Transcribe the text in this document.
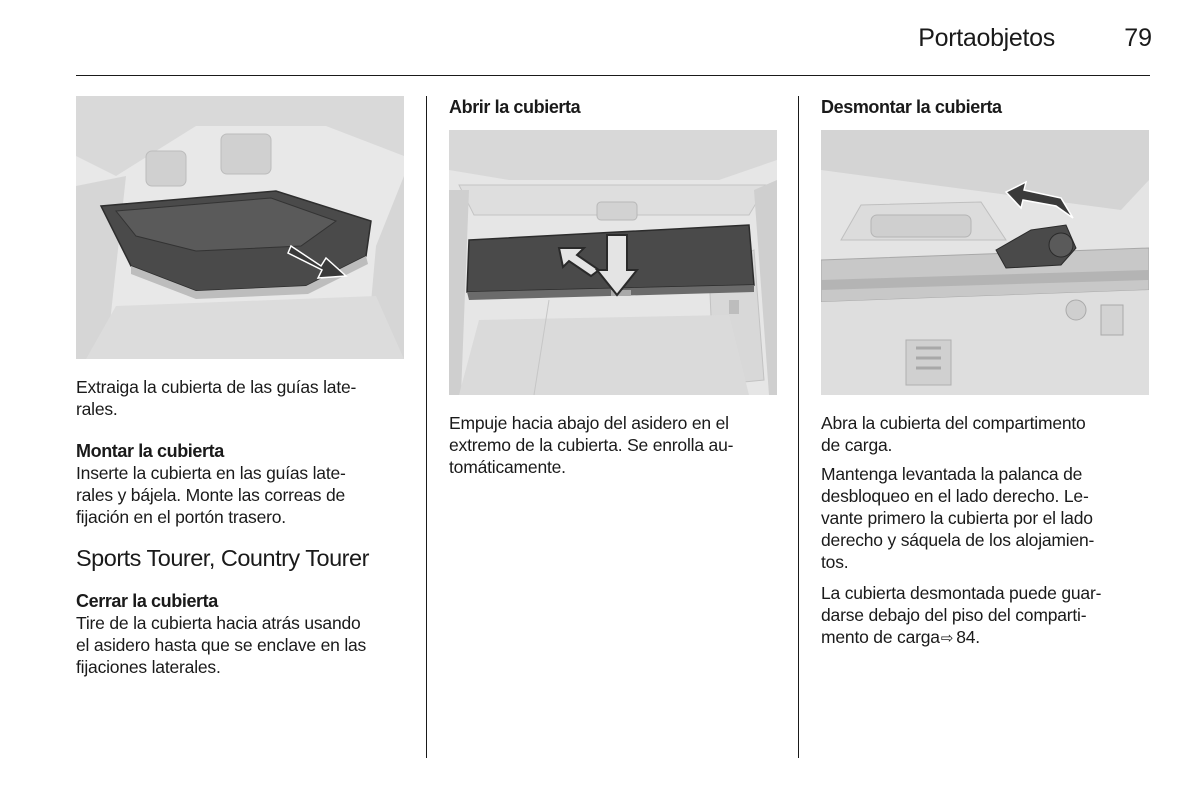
Portaobjetos	79
Extraiga la cubierta de las guías late-
rales.
Montar la cubierta
Inserte la cubierta en las guías late-
rales y bájela. Monte las correas de
fijación en el portón trasero.
Sports Tourer, Country Tourer
Cerrar la cubierta
Tire de la cubierta hacia atrás usando
el asidero hasta que se enclave en las
fijaciones laterales.
Abrir la cubierta
Empuje hacia abajo del asidero en el
extremo de la cubierta. Se enrolla au-
tomáticamente.
Desmontar la cubierta
Abra la cubierta del compartimento
de carga.
Mantenga levantada la palanca de
desbloqueo en el lado derecho. Le-
vante primero la cubierta por el lado
derecho y sáquela de los alojamien-
tos.
La cubierta desmontada puede guar-
darse debajo del piso del comparti-
mento de carga⇨ 84.
